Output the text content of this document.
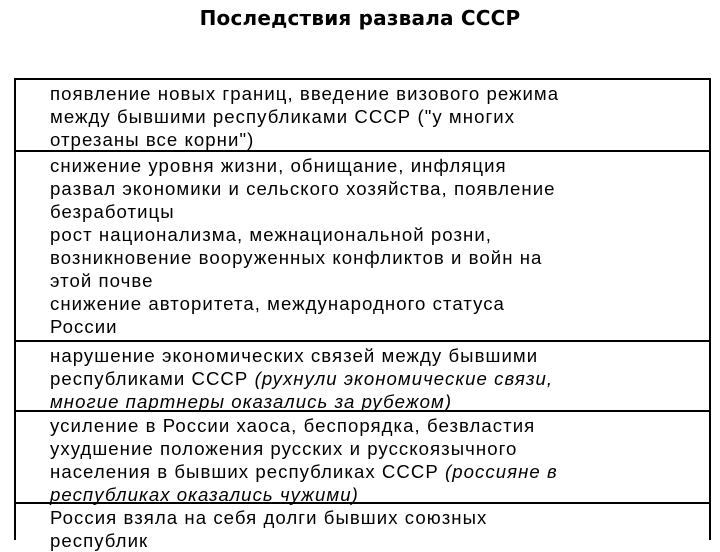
Последствия развала СССР
появление новых границ, введение визового режима
между бывшими республиками СССР ("у многих
отрезаны все корни")
снижение уровня жизни, обнищание, инфляция
развал экономики и сельского хозяйства, появление
безработицы
рост национализма, межнациональной розни,
возникновение вооруженных конфликтов и войн на
этой почве
снижение авторитета, международного статуса
России
нарушение экономических связей между бывшими
республиками СССР (рухнули экономические связи,
многие партнеры оказались за рубежом)
усиление в России хаоса, беспорядка, безвластия
ухудшение положения русских и русскоязычного
населения в бывших республиках СССР (россияне в
республиках оказались чужими)
Россия взяла на себя долги бывших союзных
республик
